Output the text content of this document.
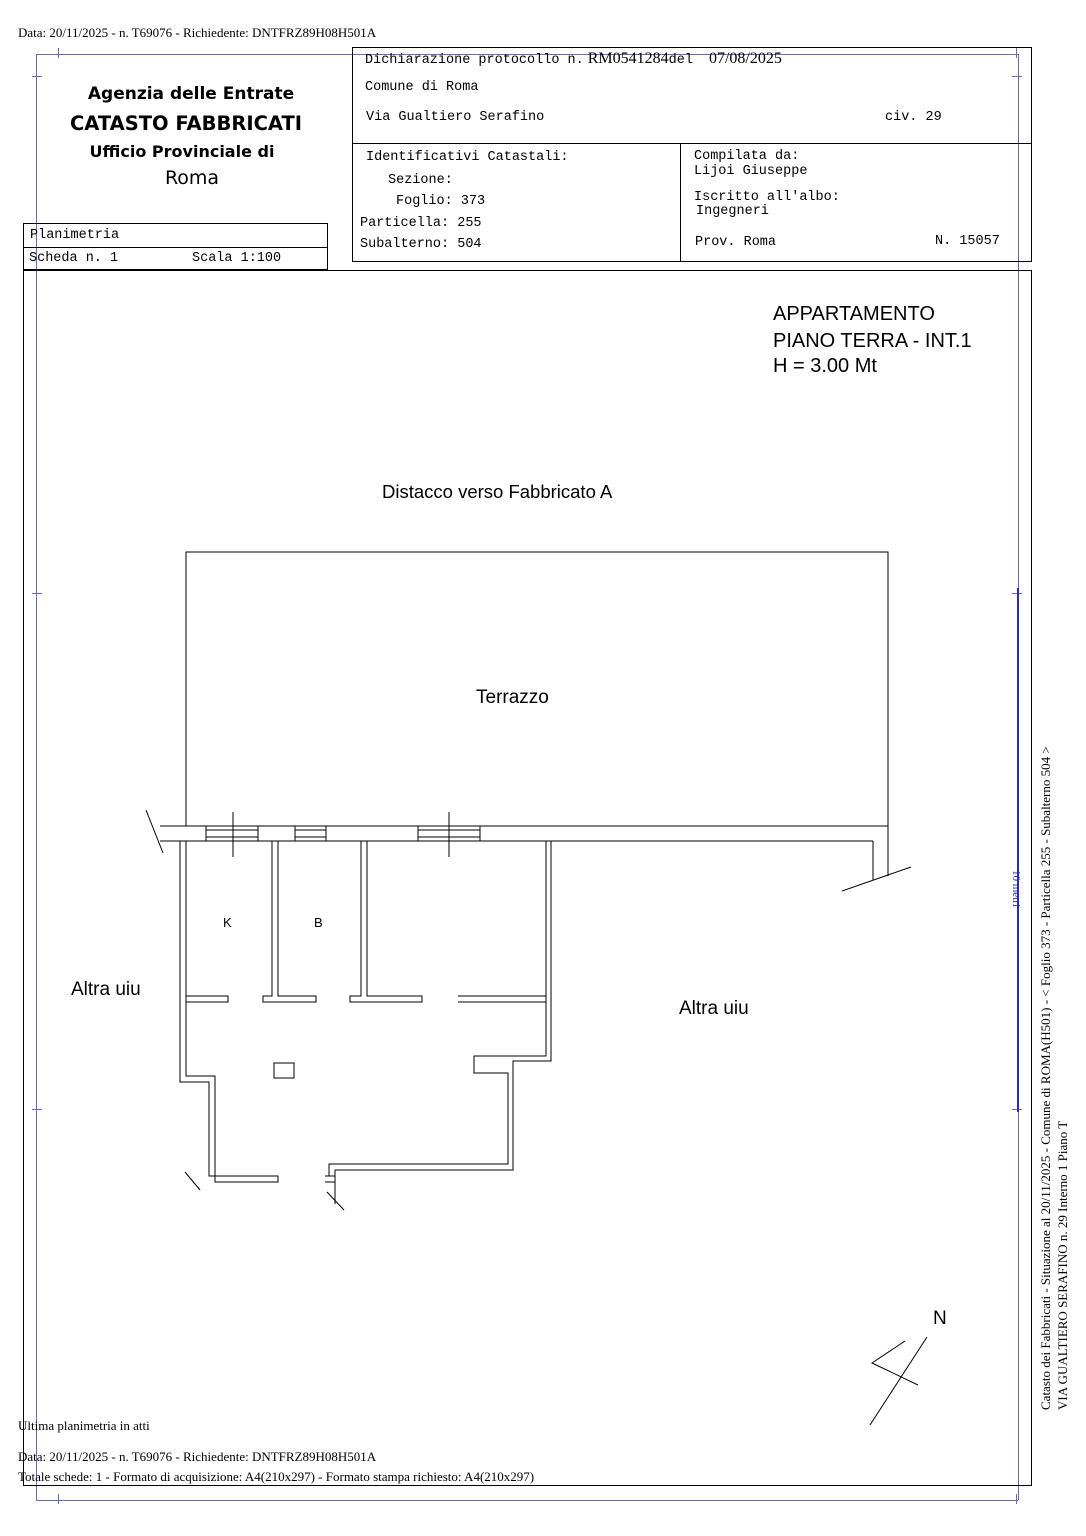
Data: 20/11/2025 - n. T69076 - Richiedente: DNTFRZ89H08H501A
Agenzia delle Entrate
CATASTO FABBRICATI
Ufficio Provinciale di
Roma
Planimetria
Scheda n. 1	Scala 1:100
Dichiarazione protocollo n. RM0541284del 07/08/2025
Comune di Roma
Via Gualtiero Serafino	civ. 29
Identificativi Catastali:
Sezione:
Foglio: 373
Particella: 255
Subalterno: 504
Compilata da:
Lijoi Giuseppe
Iscritto all'albo:
Ingegneri
Prov. Roma	N. 15057
APPARTAMENTO
PIANO TERRA - INT.1
H = 3.00 Mt
Distacco verso Fabbricato A
Terrazzo
K	B
Altra uiu
Altra uiu
N
10 metri Catasto dei Fabbricati - Situazione al 20/11/2025 - Comune di ROMA(H501) - < Foglio 373 - Particella 255 - Subalterno 504 > VIA GUALTIERO SERAFINO n. 29 Interno 1 Piano T
Ultima planimetria in atti
Data: 20/11/2025 - n. T69076 - Richiedente: DNTFRZ89H08H501A
Totale schede: 1 - Formato di acquisizione: A4(210x297) - Formato stampa richiesto: A4(210x297)
